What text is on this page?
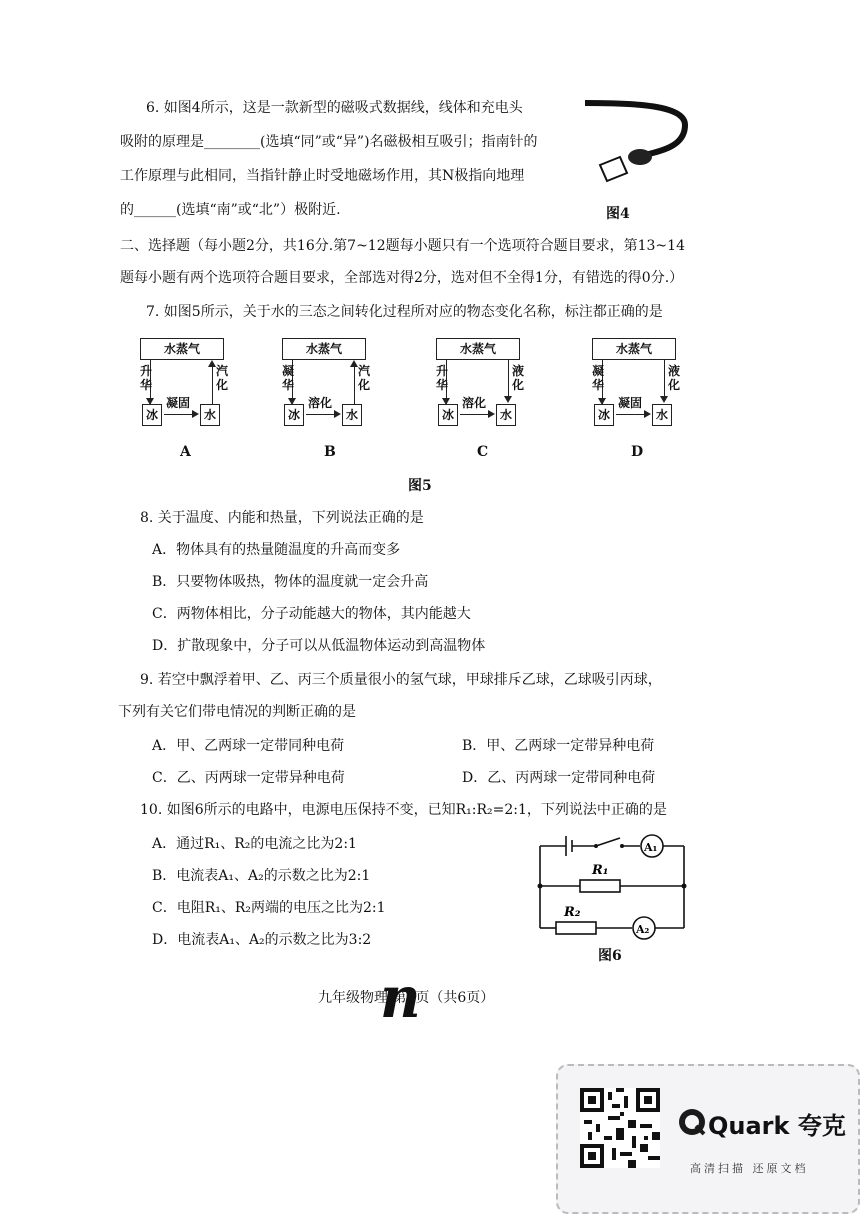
6. 如图4所示，这是一款新型的磁吸式数据线，线体和充电头
吸附的原理是________(选填“同”或“异”)名磁极相互吸引；指南针的
工作原理与此相同，当指针静止时受地磁场作用，其N极指向地理
的______(选填“南”或“北”）极附近.	图4
二、选择题（每小题2分，共16分.第7~12题每小题只有一个选项符合题目要求，第13~14
题每小题有两个选项符合题目要求，全部选对得2分，选对但不全得1分，有错选的得0分.）
7. 如图5所示，关于水的三态之间转化过程所对应的物态变化名称，标注都正确的是
水蒸气
升华
汽化
冰	水
凝固
A
水蒸气
凝华
汽化
冰	水
溶化
B
水蒸气
升华
液化
冰	水
溶化
C
水蒸气
凝华
液化
冰	水
凝固
D
图5
8. 关于温度、内能和热量，下列说法正确的是
A．物体具有的热量随温度的升高而变多
B．只要物体吸热，物体的温度就一定会升高
C．两物体相比，分子动能越大的物体，其内能越大
D．扩散现象中，分子可以从低温物体运动到高温物体
9. 若空中飘浮着甲、乙、丙三个质量很小的氢气球，甲球排斥乙球，乙球吸引丙球，
下列有关它们带电情况的判断正确的是
A．甲、乙两球一定带同种电荷	B．甲、乙两球一定带异种电荷
C．乙、丙两球一定带异种电荷	D．乙、丙两球一定带同种电荷
10. 如图6所示的电路中，电源电压保持不变，已知R₁:R₂=2:1，下列说法中正确的是
A．通过R₁、R₂的电流之比为2:1
B．电流表A₁、A₂的示数之比为2:1
C．电阻R₁、R₂两端的电压之比为2:1
D．电流表A₁、A₂的示数之比为3:2
R₁
R₂
A₁
A₂
图6
九年级物理 第2页（共6页）
n
Quark 夸克
高清扫描 还原文档
